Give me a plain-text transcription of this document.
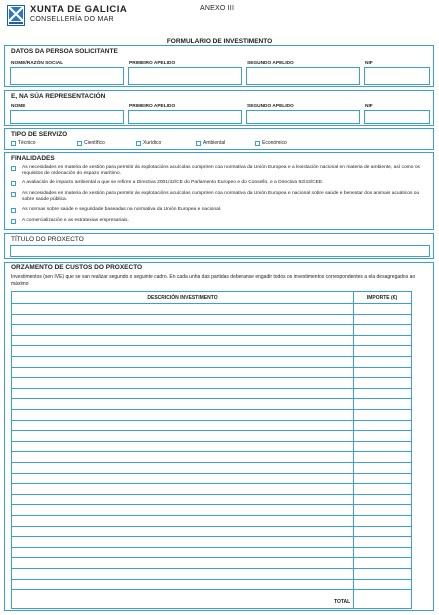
XUNTA DE GALICIA
CONSELLERÍA DO MAR
ANEXO III
FORMULARIO DE INVESTIMENTO
DATOS DA PERSOA SOLICITANTE
NOME/RAZÓN SOCIAL	PRIMEIRO APELIDO	SEGUNDO APELIDO	NIF
E, NA SÚA REPRESENTACIÓN
NOME	PRIMEIRO APELIDO	SEGUNDO APELIDO	NIF
TIPO DE SERVIZO
Técnico	Científico	Xurídico	Ambiental	Económico
FINALIDADES
As necesidades en materia de xestión para permitir ás explotacións acuícolas cumpriren coa normativa da Unión Europea e a lexislación nacional en materia de ambiente, así como os requisitos de ordenación do espazo marítimo.
A avaliación de impacto ambiental a que se refiren a Directiva 2001/42/CE do Parlamento Europeo e do Consello, e a Directiva 92/43/CEE.
As necesidades en materia de xestión para permitir ás explotacións acuícolas cumpriren coa normativa da Unión Europea e nacional sobre saúde e benestar dos animais acuáticos ou sobre saúde pública.
As normas sobre saúde e seguridade baseadas na normativa da Unión Europea e nacional.
A comercialización e as estratexias empresariais.
TÍTULO DO PROXECTO
ORZAMENTO DE CUSTOS DO PROXECTO
Investimentos (sen IVE) que se van realizar segundo o seguinte cadro. En cada unha das partidas deberanse engadir todos os investimentos correspondentes a ela desagregados ao máximo
DESCRICIÓN INVESTIMENTO	IMPORTE (€)
TOTAL
